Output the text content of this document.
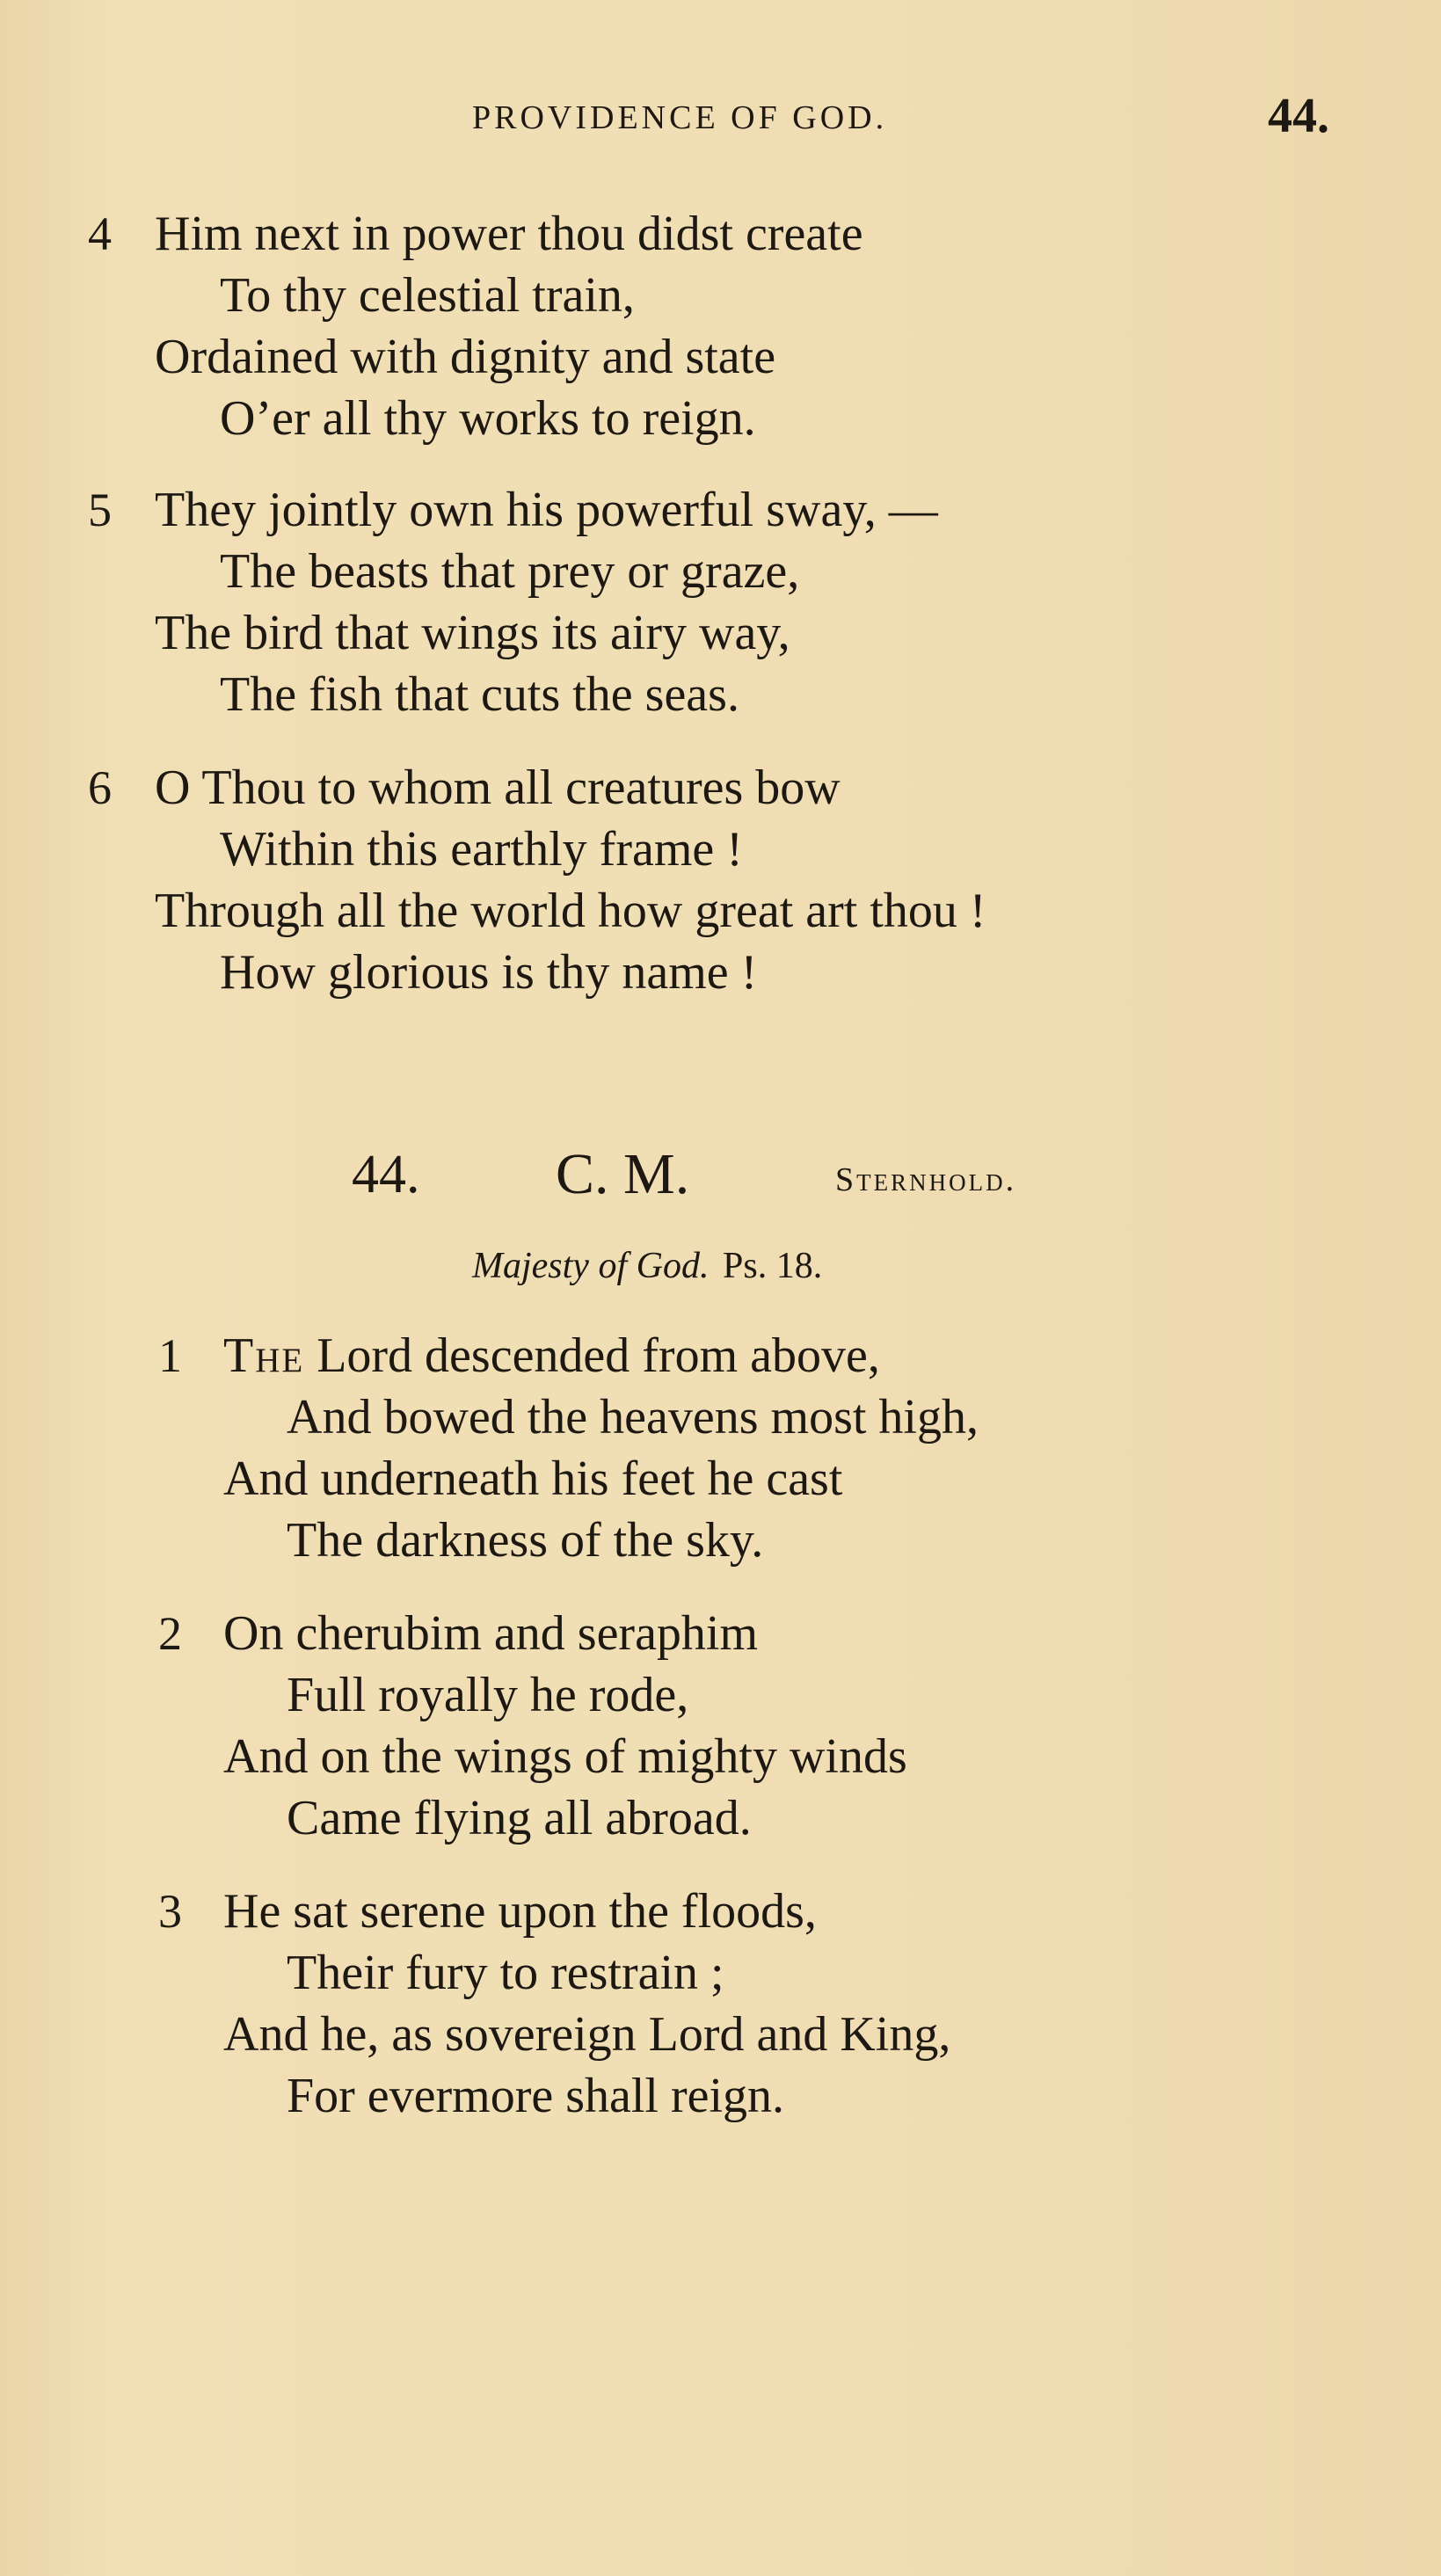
PROVIDENCE OF GOD.	44.
4 Him next in power thou didst create
To thy celestial train,
Ordained with dignity and state
O’er all thy works to reign.
5 They jointly own his powerful sway, —
The beasts that prey or graze,
The bird that wings its airy way,
The fish that cuts the seas.
6 O Thou to whom all creatures bow
Within this earthly frame !
Through all the world how great art thou !
How glorious is thy name !
44. C. M.	Sternhold.
Majesty of God. Ps. 18.
1 The Lord descended from above,
And bowed the heavens most high,
And underneath his feet he cast
The darkness of the sky.
2 On cherubim and seraphim
Full royally he rode,
And on the wings of mighty winds
Came flying all abroad.
3 He sat serene upon the floods,
Their fury to restrain ;
And he, as sovereign Lord and King,
For evermore shall reign.
